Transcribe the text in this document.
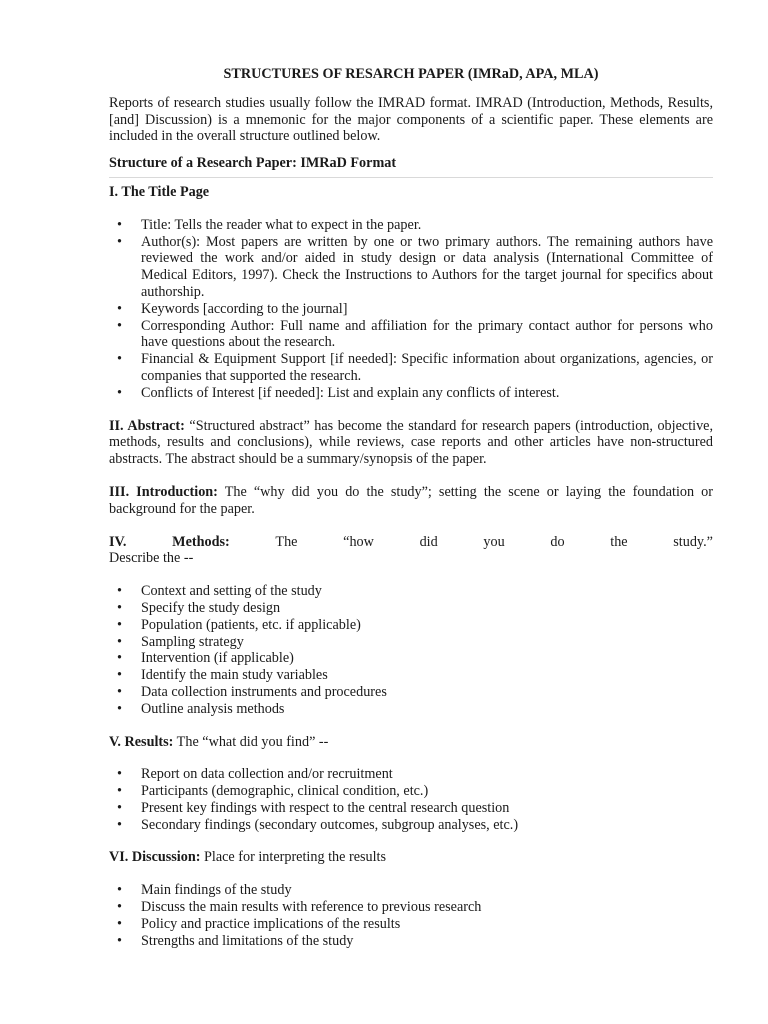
STRUCTURES OF RESARCH PAPER (IMRaD, APA, MLA)

Reports of research studies usually follow the IMRAD format. IMRAD (Introduction, Methods, Results, [and] Discussion) is a mnemonic for the major components of a scientific paper. These elements are included in the overall structure outlined below.

Structure of a Research Paper: IMRaD Format

I. The Title Page

• Title: Tells the reader what to expect in the paper.
• Author(s): Most papers are written by one or two primary authors. The remaining authors have reviewed the work and/or aided in study design or data analysis (International Committee of Medical Editors, 1997). Check the Instructions to Authors for the target journal for specifics about authorship.
• Keywords [according to the journal]
• Corresponding Author: Full name and affiliation for the primary contact author for persons who have questions about the research.
• Financial & Equipment Support [if needed]: Specific information about organizations, agencies, or companies that supported the research.
• Conflicts of Interest [if needed]: List and explain any conflicts of interest.

II. Abstract: “Structured abstract” has become the standard for research papers (introduction, objective, methods, results and conclusions), while reviews, case reports and other articles have non-structured abstracts. The abstract should be a summary/synopsis of the paper.

III. Introduction: The “why did you do the study”; setting the scene or laying the foundation or background for the paper.

IV.	Methods:	The	“how	did	you	do	the	study.”

Describe the --

• Context and setting of the study
• Specify the study design
• Population (patients, etc. if applicable)
• Sampling strategy
• Intervention (if applicable)
• Identify the main study variables
• Data collection instruments and procedures
• Outline analysis methods

V. Results: The “what did you find” --

• Report on data collection and/or recruitment
• Participants (demographic, clinical condition, etc.)
• Present key findings with respect to the central research question
• Secondary findings (secondary outcomes, subgroup analyses, etc.)

VI. Discussion: Place for interpreting the results

• Main findings of the study
• Discuss the main results with reference to previous research
• Policy and practice implications of the results
• Strengths and limitations of the study
